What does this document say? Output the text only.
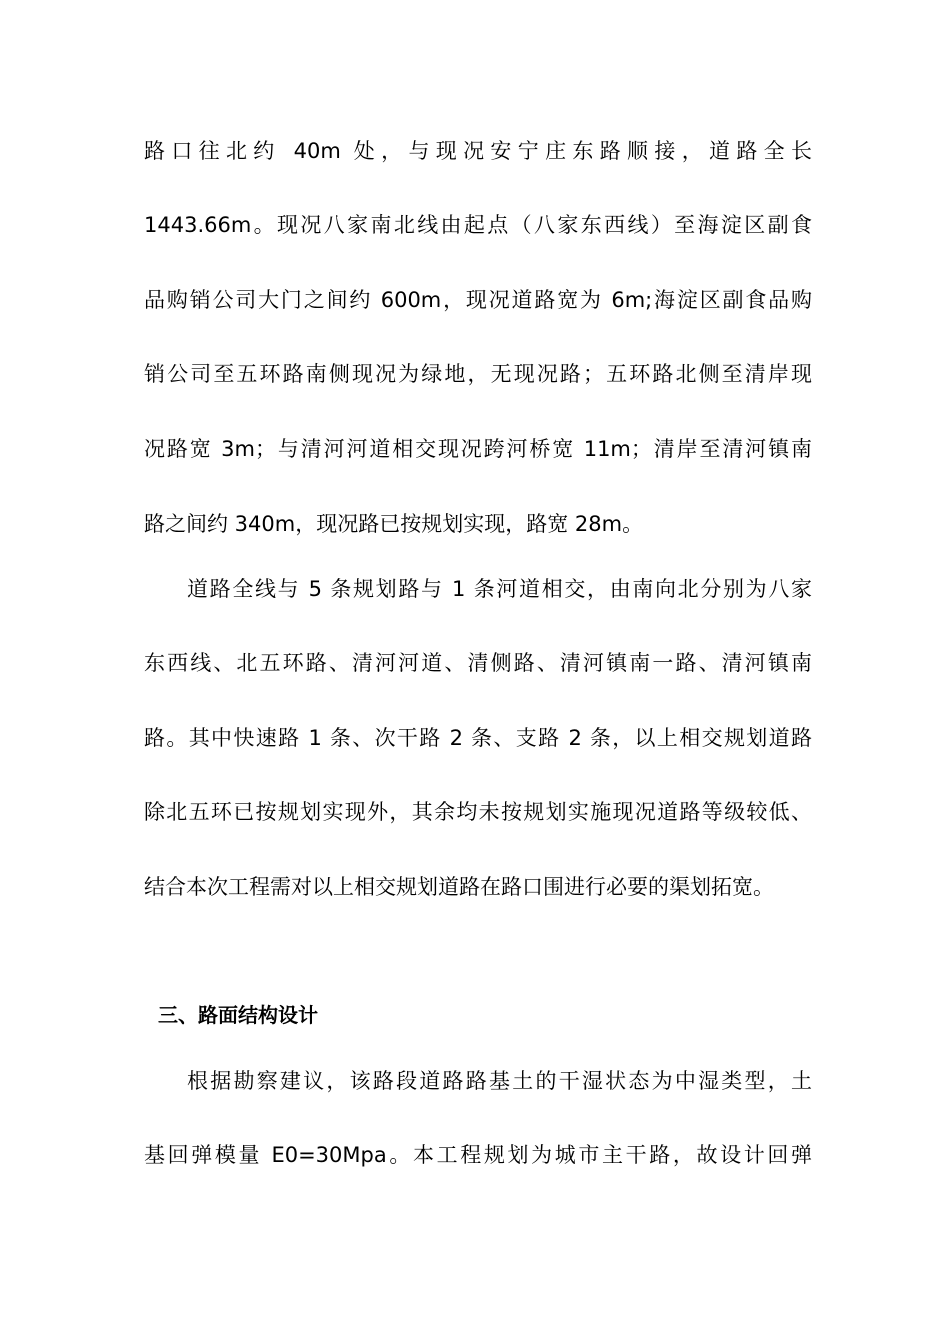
路口往北约 40m 处，与现况安宁庄东路顺接，道路全长
1443.66m。现况八家南北线由起点（八家东西线）至海淀区副食
品购销公司大门之间约 600m，现况道路宽为 6m;海淀区副食品购
销公司至五环路南侧现况为绿地，无现况路；五环路北侧至清岸现
况路宽 3m；与清河河道相交现况跨河桥宽 11m；清岸至清河镇南
路之间约 340m，现况路已按规划实现，路宽 28m。
道路全线与 5 条规划路与 1 条河道相交，由南向北分别为八家
东西线、北五环路、清河河道、清侧路、清河镇南一路、清河镇南
路。其中快速路 1 条、次干路 2 条、支路 2 条，以上相交规划道路
除北五环已按规划实现外，其余均未按规划实施现况道路等级较低、
结合本次工程需对以上相交规划道路在路口围进行必要的渠划拓宽。
三、路面结构设计
根据勘察建议，该路段道路路基土的干湿状态为中湿类型，土
基回弹模量 E0=30Mpa。本工程规划为城市主干路，故设计回弹
